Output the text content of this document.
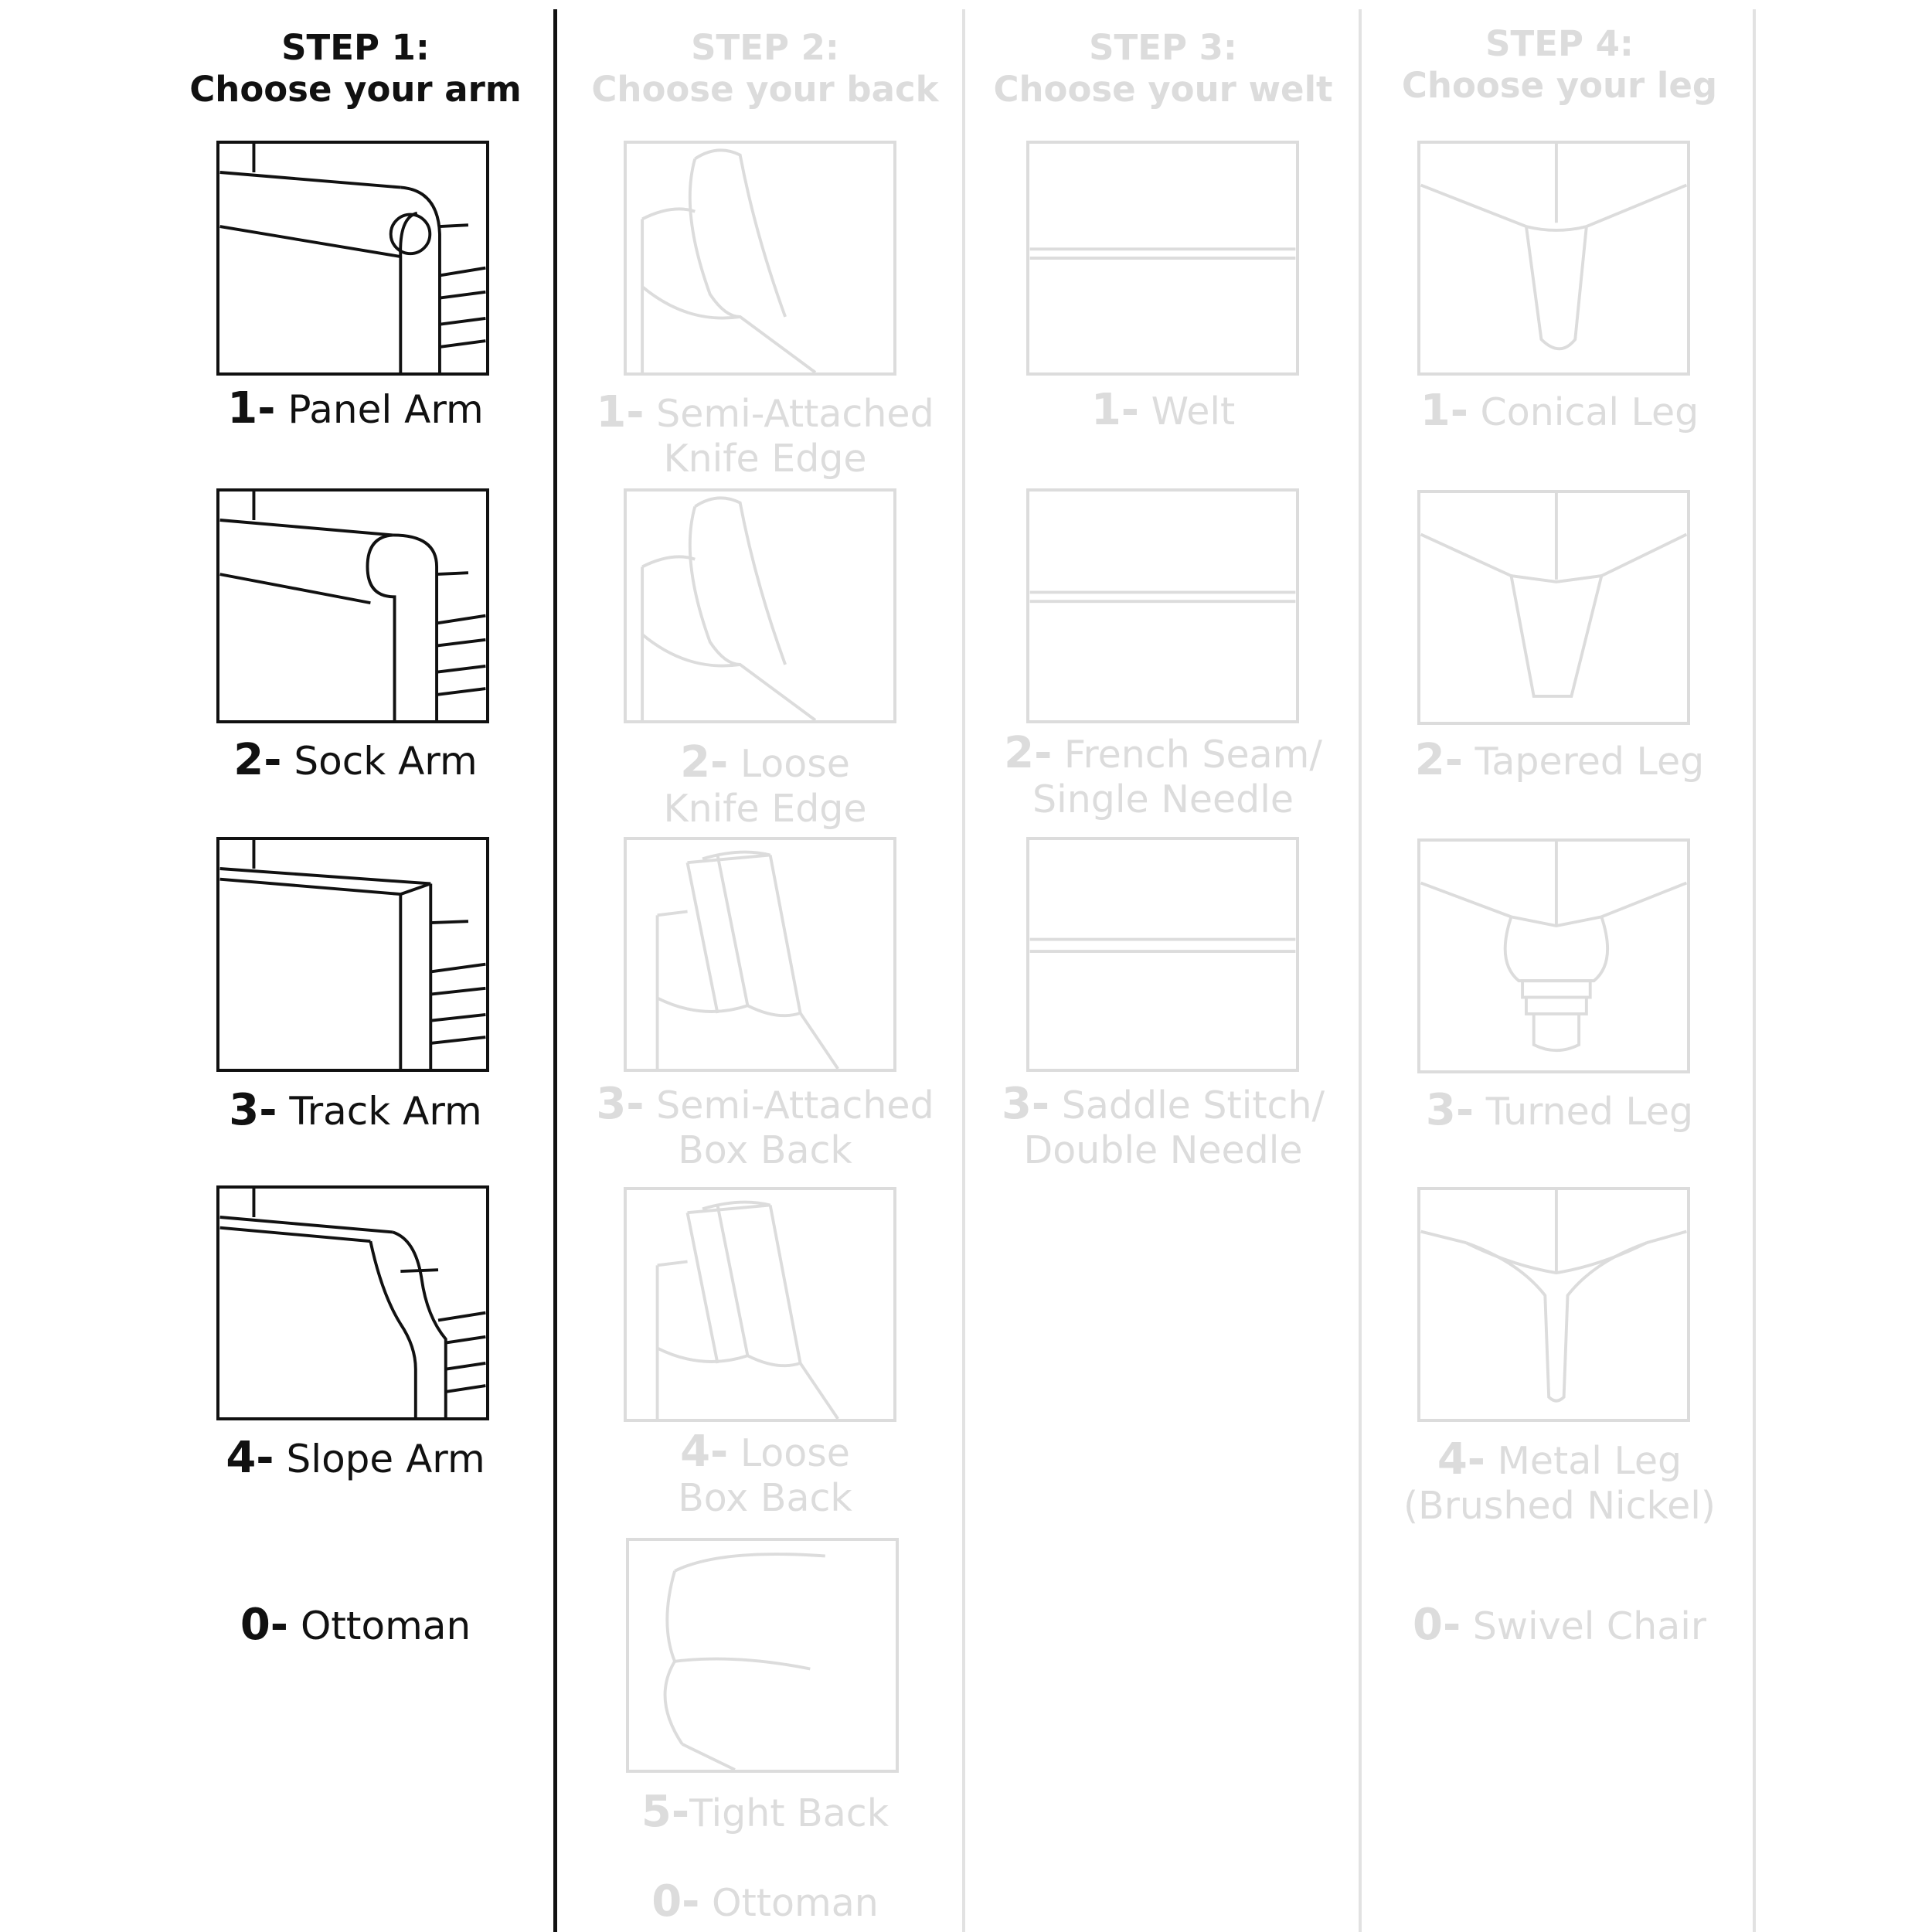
STEP 1:
Choose your arm
1- Panel Arm
2- Sock Arm
3- Track Arm
4- Slope Arm
0- Ottoman
STEP 2:
Choose your back
1- Semi-Attached
Knife Edge
2- Loose
Knife Edge
3- Semi-Attached
Box Back
4- Loose
Box Back
5-Tight Back
0- Ottoman
STEP 3:
Choose your welt
1- Welt
2- French Seam/
Single Needle
3- Saddle Stitch/
Double Needle
STEP 4:
Choose your leg
1- Conical Leg
2- Tapered Leg
3- Turned Leg
4- Metal Leg
(Brushed Nickel)
0- Swivel Chair
